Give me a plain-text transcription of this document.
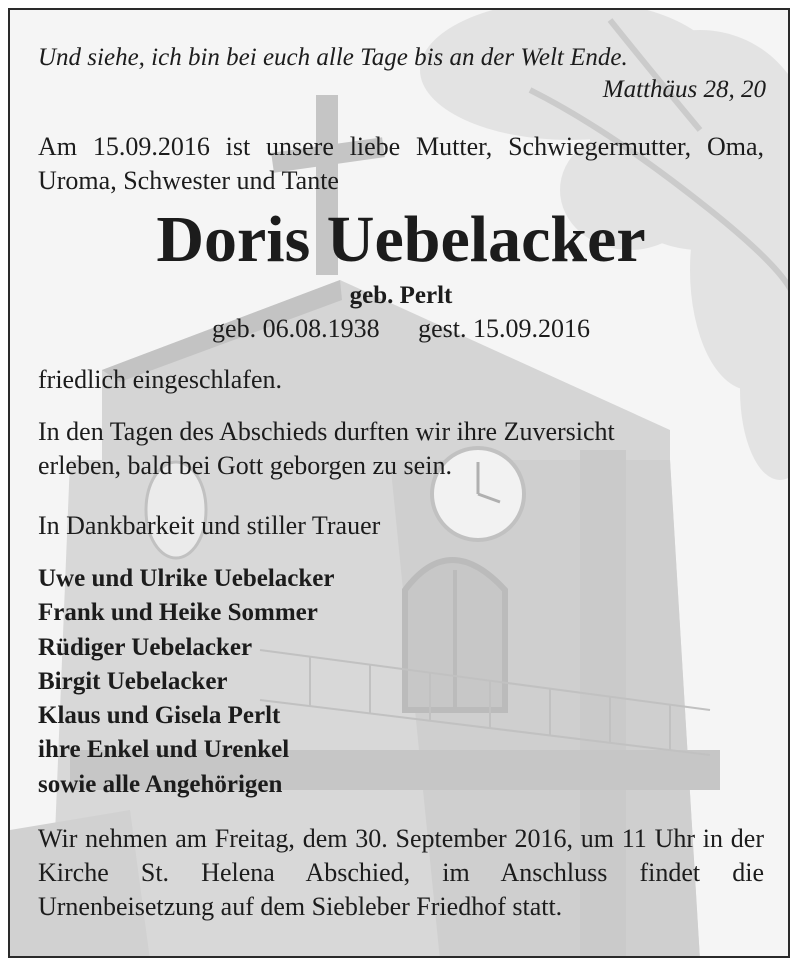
Und siehe, ich bin bei euch alle Tage bis an der Welt Ende.

Matthäus 28, 20

Am 15.09.2016 ist unsere liebe Mutter, Schwiegermutter, Oma, Uroma, Schwester und Tante

Doris Uebelacker

geb. Perlt

geb. 06.08.1938 gest. 15.09.2016

friedlich eingeschlafen.

In den Tagen des Abschieds durften wir ihre Zuversicht erleben, bald bei Gott geborgen zu sein.

In Dankbarkeit und stiller Trauer

Uwe und Ulrike Uebelacker
Frank und Heike Sommer
Rüdiger Uebelacker
Birgit Uebelacker
Klaus und Gisela Perlt
ihre Enkel und Urenkel
sowie alle Angehörigen

Wir nehmen am Freitag, dem 30. September 2016, um 11 Uhr in der Kirche St. Helena Abschied, im Anschluss findet die Urnenbeisetzung auf dem Siebleber Friedhof statt.
